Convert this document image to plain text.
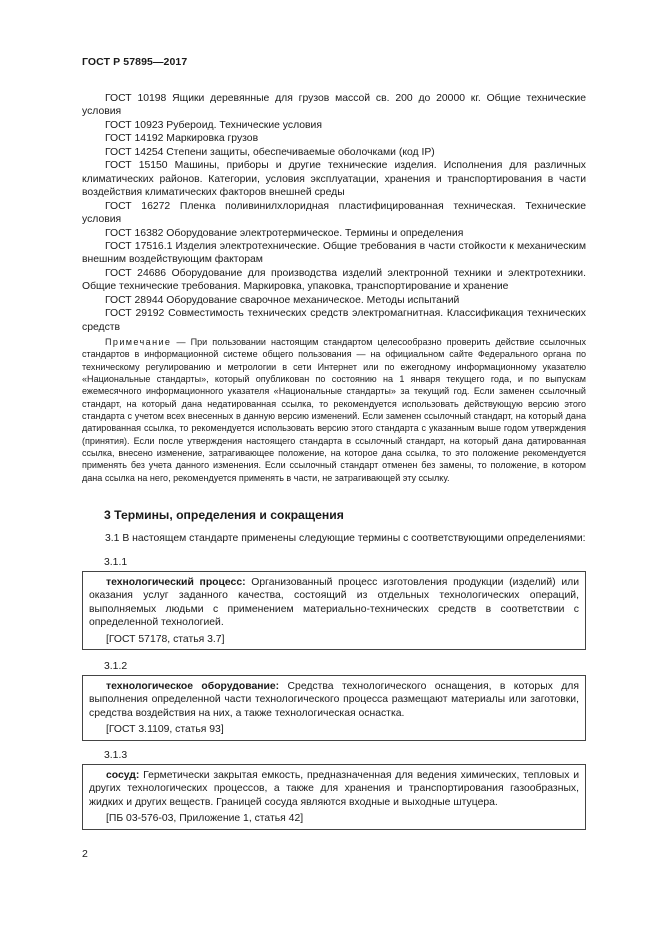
ГОСТ Р 57895—2017

ГОСТ 10198 Ящики деревянные для грузов массой св. 200 до 20000 кг. Общие технические условия

ГОСТ 10923 Рубероид. Технические условия

ГОСТ 14192 Маркировка грузов

ГОСТ 14254 Степени защиты, обеспечиваемые оболочками (код IP)

ГОСТ 15150 Машины, приборы и другие технические изделия. Исполнения для различных климатических районов. Категории, условия эксплуатации, хранения и транспортирования в части воздействия климатических факторов внешней среды

ГОСТ 16272 Пленка поливинилхлоридная пластифицированная техническая. Технические условия

ГОСТ 16382 Оборудование электротермическое. Термины и определения

ГОСТ 17516.1 Изделия электротехнические. Общие требования в части стойкости к механическим внешним воздействующим факторам

ГОСТ 24686 Оборудование для производства изделий электронной техники и электротехники. Общие технические требования. Маркировка, упаковка, транспортирование и хранение

ГОСТ 28944 Оборудование сварочное механическое. Методы испытаний

ГОСТ 29192 Совместимость технических средств электромагнитная. Классификация технических средств

Примечание — При пользовании настоящим стандартом целесообразно проверить действие ссылочных стандартов в информационной системе общего пользования — на официальном сайте Федерального органа по техническому регулированию и метрологии в сети Интернет или по ежегодному информационному указателю «Национальные стандарты», который опубликован по состоянию на 1 января текущего года, и по выпускам ежемесячного информационного указателя «Национальные стандарты» за текущий год. Если заменен ссылочный стандарт, на который дана недатированная ссылка, то рекомендуется использовать действующую версию этого стандарта с учетом всех внесенных в данную версию изменений. Если заменен ссылочный стандарт, на который дана датированная ссылка, то рекомендуется использовать версию этого стандарта с указанным выше годом утверждения (принятия). Если после утверждения настоящего стандарта в ссылочный стандарт, на который дана датированная ссылка, внесено изменение, затрагивающее положение, на которое дана ссылка, то это положение рекомендуется применять без учета данного изменения. Если ссылочный стандарт отменен без замены, то положение, в котором дана ссылка на него, рекомендуется применять в части, не затрагивающей эту ссылку.

3 Термины, определения и сокращения

3.1 В настоящем стандарте применены следующие термины с соответствующими определениями:

3.1.1

технологический процесс: Организованный процесс изготовления продукции (изделий) или оказания услуг заданного качества, состоящий из отдельных технологических операций, выполняемых людьми с применением материально-технических средств в соответствии с определенной технологией.

[ГОСТ 57178, статья 3.7]

3.1.2

технологическое оборудование: Средства технологического оснащения, в которых для выполнения определенной части технологического процесса размещают материалы или заготовки, средства воздействия на них, а также технологическая оснастка.

[ГОСТ 3.1109, статья 93]

3.1.3

сосуд: Герметически закрытая емкость, предназначенная для ведения химических, тепловых и других технологических процессов, а также для хранения и транспортирования газообразных, жидких и других веществ. Границей сосуда являются входные и выходные штуцера.

[ПБ 03-576-03, Приложение 1, статья 42]

2
